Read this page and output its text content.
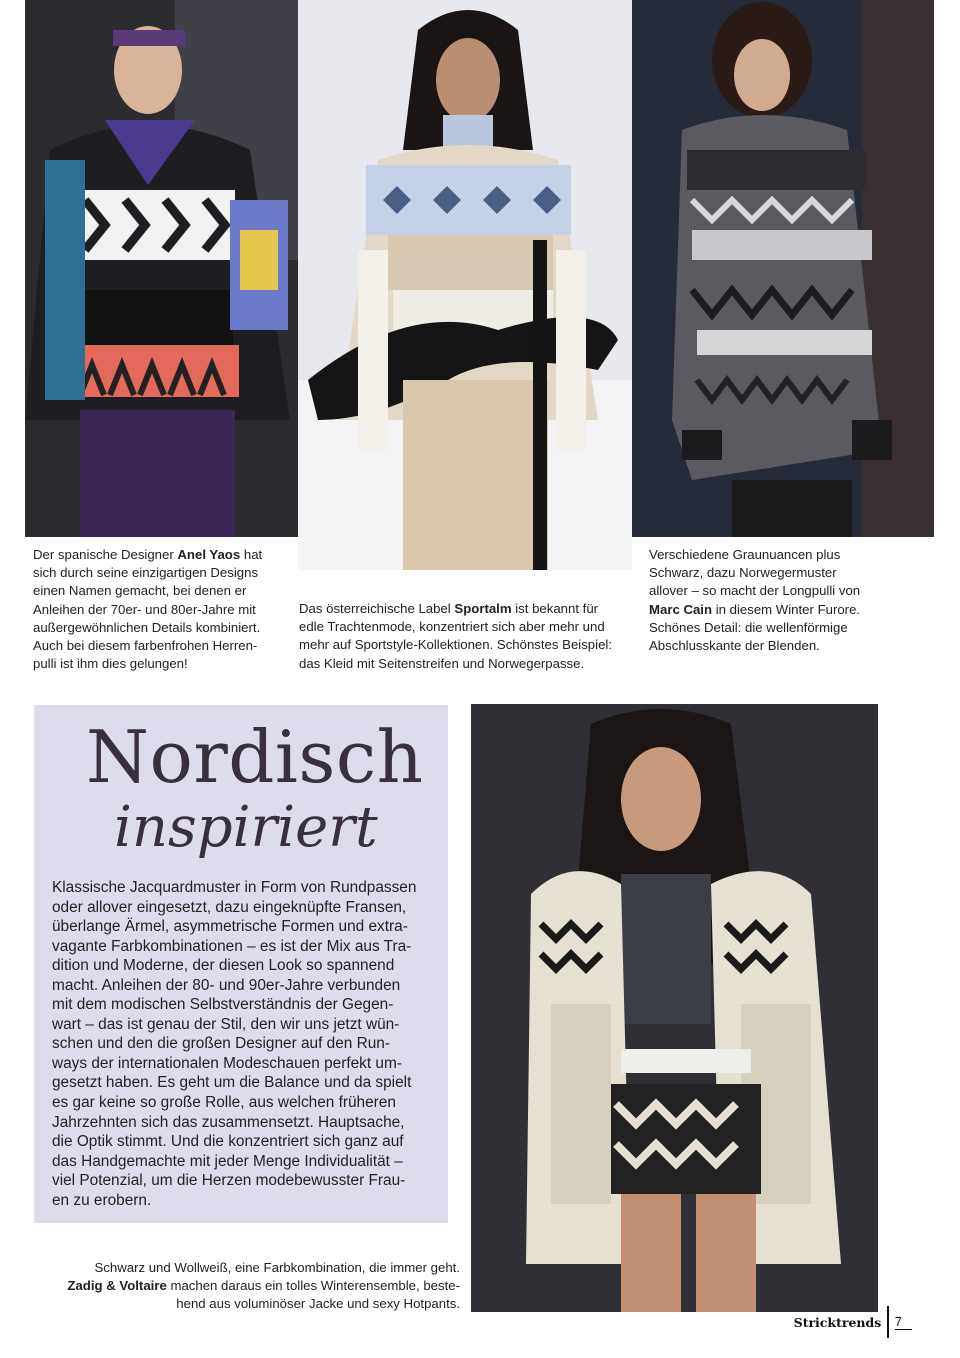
Der spanische Designer Anel Yaos hat
sich durch seine einzigartigen Designs
einen Namen gemacht, bei denen er
Anleihen der 70er- und 80er-Jahre mit
außergewöhnlichen Details kombiniert.
Auch bei diesem farbenfrohen Herren-
pulli ist ihm dies gelungen!
Das österreichische Label Sportalm ist bekannt für
edle Trachtenmode, konzentriert sich aber mehr und
mehr auf Sportstyle-Kollektionen. Schönstes Beispiel:
das Kleid mit Seitenstreifen und Norwegerpasse.
Verschiedene Graunuancen plus
Schwarz, dazu Norwegermuster
allover – so macht der Longpulli von
Marc Cain in diesem Winter Furore.
Schönes Detail: die wellenförmige
Abschlusskante der Blenden.
Nordisch
inspiriert
Klassische Jacquardmuster in Form von Rundpassen
oder allover eingesetzt, dazu eingeknüpfte Fransen,
überlange Ärmel, asymmetrische Formen und extra-
vagante Farbkombinationen – es ist der Mix aus Tra-
dition und Moderne, der diesen Look so spannend
macht. Anleihen der 80- und 90er-Jahre verbunden
mit dem modischen Selbstverständnis der Gegen-
wart – das ist genau der Stil, den wir uns jetzt wün-
schen und den die großen Designer auf den Run-
ways der internationalen Modeschauen perfekt um-
gesetzt haben. Es geht um die Balance und da spielt
es gar keine so große Rolle, aus welchen früheren
Jahrzehnten sich das zusammensetzt. Hauptsache,
die Optik stimmt. Und die konzentriert sich ganz auf
das Handgemachte mit jeder Menge Individualität –
viel Potenzial, um die Herzen modebewusster Frau-
en zu erobern.
Schwarz und Wollweiß, eine Farbkombination, die immer geht.
Zadig & Voltaire machen daraus ein tolles Winterensemble, beste-
hend aus voluminöser Jacke und sexy Hotpants.
Stricktrends 7
